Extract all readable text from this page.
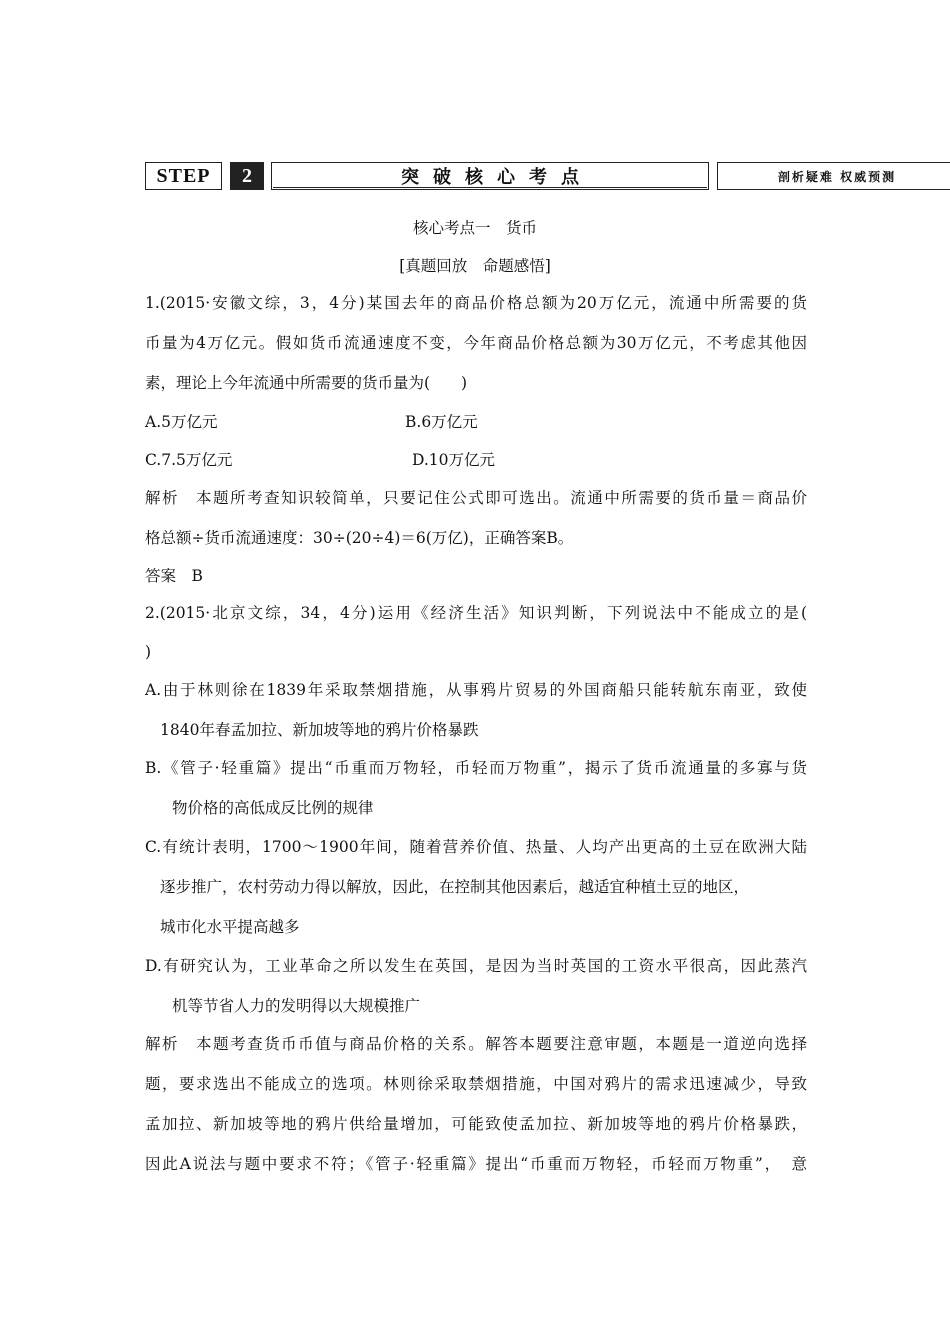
STEP	2	突破核心考点	剖析疑难 权威预测
核心考点一　货币
[真题回放　命题感悟]
1.(2015·安徽文综，3，4分)某国去年的商品价格总额为20万亿元，流通中所需要的货
币量为4万亿元。假如货币流通速度不变，今年商品价格总额为30万亿元，不考虑其他因
素，理论上今年流通中所需要的货币量为(　　)
A.5万亿元	B.6万亿元
C.7.5万亿元	D.10万亿元
解析　本题所考查知识较简单，只要记住公式即可选出。流通中所需要的货币量＝商品价
格总额÷货币流通速度：30÷(20÷4)＝6(万亿)，正确答案B。
答案　B
2.(2015·北京文综，34，4分)运用《经济生活》知识判断，下列说法中不能成立的是(
)
A.由于林则徐在1839年采取禁烟措施，从事鸦片贸易的外国商船只能转航东南亚，致使
1840年春孟加拉、新加坡等地的鸦片价格暴跌
B.《管子·轻重篇》提出“币重而万物轻，币轻而万物重”，揭示了货币流通量的多寡与货
物价格的高低成反比例的规律
C.有统计表明，1700～1900年间，随着营养价值、热量、人均产出更高的土豆在欧洲大陆
逐步推广，农村劳动力得以解放，因此，在控制其他因素后，越适宜种植土豆的地区，
城市化水平提高越多
D.有研究认为，工业革命之所以发生在英国，是因为当时英国的工资水平很高，因此蒸汽
机等节省人力的发明得以大规模推广
解析　本题考查货币币值与商品价格的关系。解答本题要注意审题，本题是一道逆向选择
题，要求选出不能成立的选项。林则徐采取禁烟措施，中国对鸦片的需求迅速减少，导致
孟加拉、新加坡等地的鸦片供给量增加，可能致使孟加拉、新加坡等地的鸦片价格暴跌，
因此A说法与题中要求不符；《管子·轻重篇》提出“币重而万物轻，币轻而万物重”，　意
